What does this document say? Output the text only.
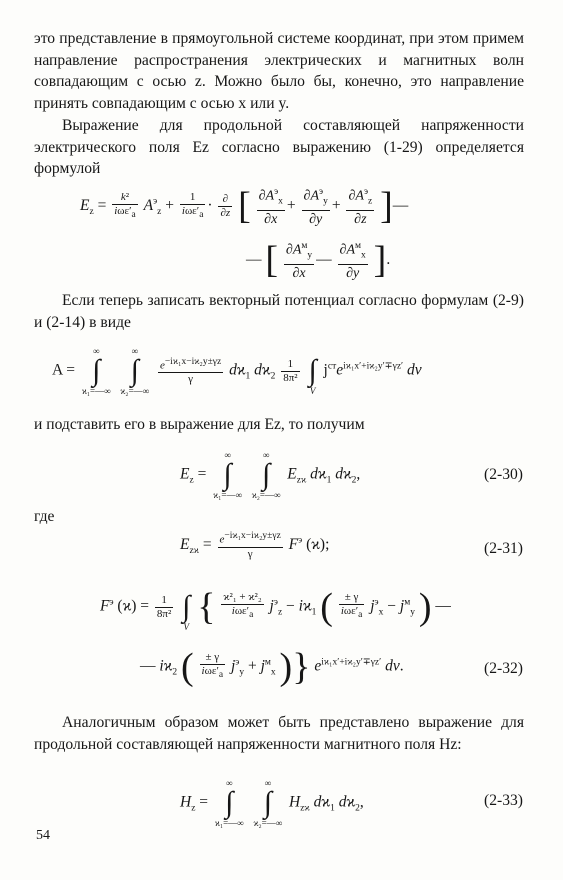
это представление в прямоугольной системе координат, при этом примем направление распространения электрических и магнитных волн совпадающим с осью z. Можно было бы, конечно, это направление принять совпадающим с осью x или y.
Выражение для продольной составляющей напряженности электрического поля Ez согласно выражению (1-29) определяется формулой
$E_z = \frac{\text{k²}}{i\omega\varepsilon'_a} A^э_z + \frac{1}{i\omega\varepsilon'_a} \cdot \frac{\partial}{\partial z}$ [ $\frac{\partial A^э_x}{\partial x} + \frac{\partial A^э_y}{\partial y} + \frac{\partial A^э_z}{\partial z}$ ]—
— [ $\frac{\partial A^м_y}{\partial x}$ — $\frac{\partial A^м_x}{\partial y}$ ].
Если теперь записать векторный потенциал согласно формулам (2-9) и (2-14) в виде
A =
∞
∫
ϰ₁=—∞

∞
∫
ϰ₂=—∞

$\frac{e^{-iϰ_1x-iϰ_2y\pm\gamma z}}{\gamma} dϰ_1$ $dϰ_2 \frac{1}{\text{8π²}}$

∫
V
$j^{ст}e^{iϰ_1x'+iϰ_2y'\mp\gamma z'}$ dv
и подставить его в выражение для Ez, то получим
$E_z$ =
∞
∫
ϰ₁=—∞

∞
∫
ϰ₂=—∞
$E_{zϰ}$ $dϰ_1$ $dϰ_2$,	(2-30)
где
$E_{zϰ} = \frac{e^{-iϰ_1x-iϰ_2y\pm\gamma z}}{\gamma} F^э$ (ϰ);	(2-31)
$F^э$ $(ϰ) = \frac{1}{\text{8π²}}$

∫
V { $\frac{\text{ϰ²₁ + ϰ²₂}}{i\omega\varepsilon'_a} j^э_z - iϰ_1$ ( $\frac{\pm \gamma}{i\omega\varepsilon'_a} j^э_x - j^м_y$ ) —
— $iϰ_2$ ( $\frac{\pm \gamma}{i\omega\varepsilon'_a} j^э_y + j^м_x$ )} $e^{iϰ_1x'+iϰ_2y'\mp\gamma z'}$ dv.	(2-32)
Аналогичным образом может быть представлено выражение для продольной составляющей напряженности магнитного поля Hz:
$H_z$ =
∞
∫
ϰ₁=—∞

∞
∫
ϰ₂=—∞
$H_{zϰ}$ $dϰ_1$ $dϰ_2$,	(2-33)
54
